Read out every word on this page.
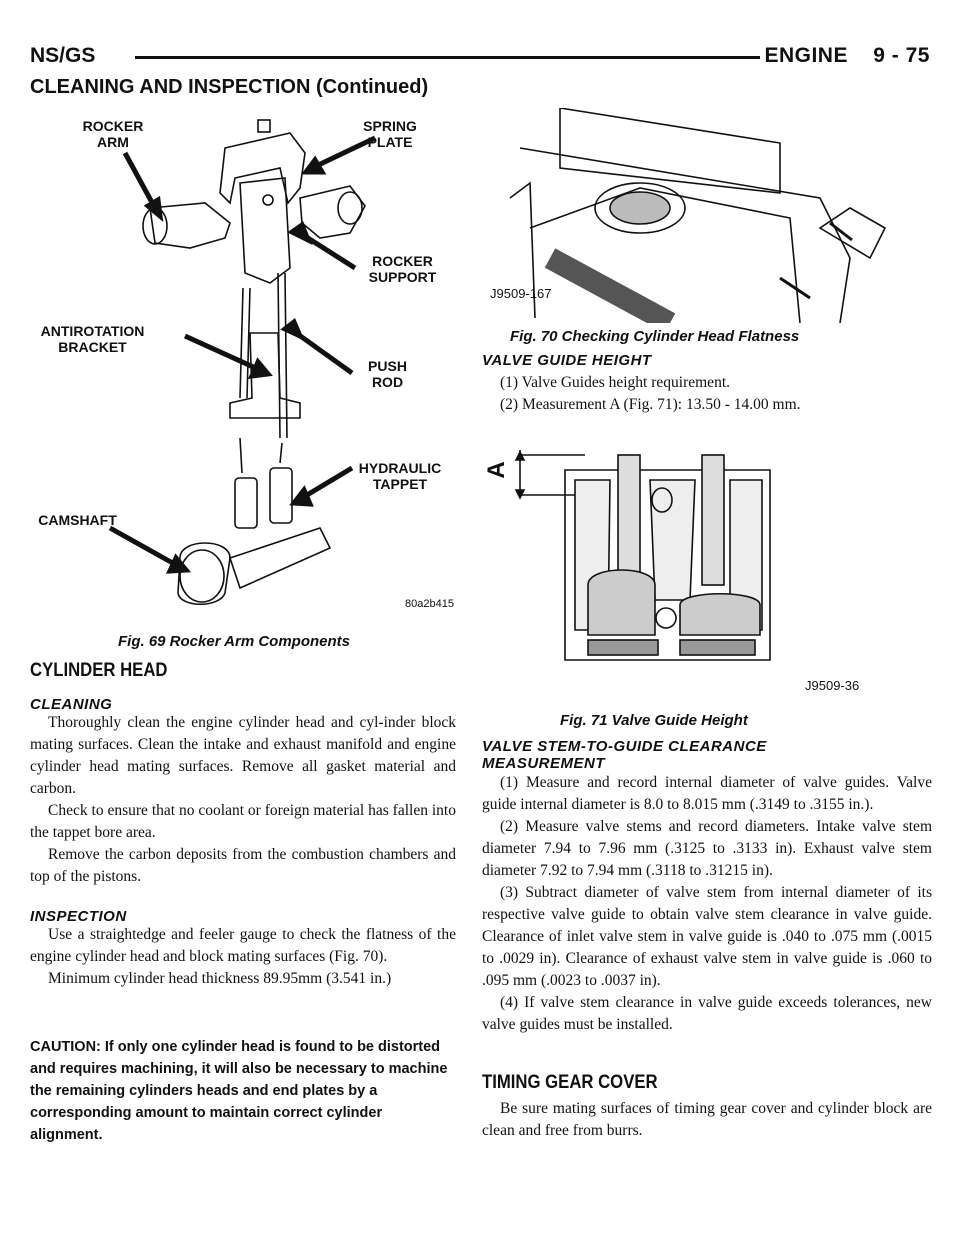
NS/GS	ENGINE    9 - 75
CLEANING AND INSPECTION (Continued)
ROCKER ARM
SPRING PLATE
ROCKER SUPPORT
ANTIROTATION BRACKET
PUSH ROD
HYDRAULIC TAPPET
CAMSHAFT
80a2b415
Fig. 69 Rocker Arm Components
J9509-167
Fig. 70 Checking Cylinder Head Flatness
VALVE GUIDE HEIGHT

(1) Valve Guides height requirement.

(2) Measurement A (Fig. 71): 13.50 - 14.00 mm.

A
J9509-36
Fig. 71 Valve Guide Height
CYLINDER HEAD
CLEANING

Thoroughly clean the engine cylinder head and cyl-inder block mating surfaces. Clean the intake and exhaust manifold and engine cylinder head mating surfaces. Remove all gasket material and carbon.

Check to ensure that no coolant or foreign material has fallen into the tappet bore area.

Remove the carbon deposits from the combustion chambers and top of the pistons.

INSPECTION

Use a straightedge and feeler gauge to check the flatness of the engine cylinder head and block mating surfaces (Fig. 70).

Minimum cylinder head thickness 89.95mm (3.541 in.)

CAUTION: If only one cylinder head is found to be distorted and requires machining, it will also be necessary to machine the remaining cylinders heads and end plates by a corresponding amount to maintain correct cylinder alignment.
VALVE STEM-TO-GUIDE CLEARANCE
MEASUREMENT

(1) Measure and record internal diameter of valve guides. Valve guide internal diameter is 8.0 to 8.015 mm (.3149 to .3155 in.).

(2) Measure valve stems and record diameters. Intake valve stem diameter 7.94 to 7.96 mm (.3125 to .3133 in). Exhaust valve stem diameter 7.92 to 7.94 mm (.3118 to .31215 in).

(3) Subtract diameter of valve stem from internal diameter of its respective valve guide to obtain valve stem clearance in valve guide. Clearance of inlet valve stem in valve guide is .040 to .075 mm (.0015 to .0029 in). Clearance of exhaust valve stem in valve guide is .060 to .095 mm (.0023 to .0037 in).

(4) If valve stem clearance in valve guide exceeds tolerances, new valve guides must be installed.

TIMING GEAR COVER

Be sure mating surfaces of timing gear cover and cylinder block are clean and free from burrs.
